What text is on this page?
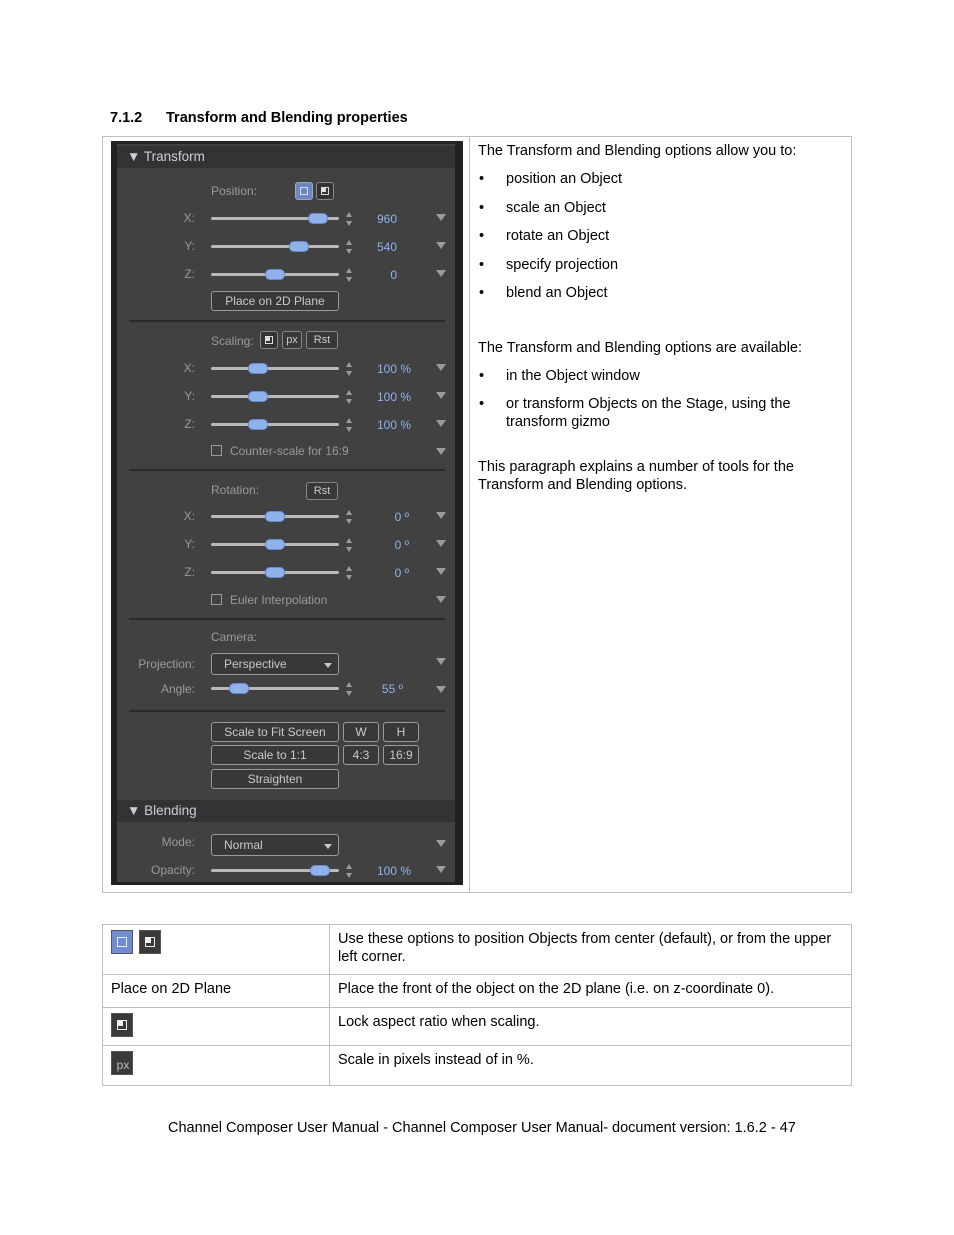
7.1.2 Transform and Blending properties
▼ Transform
Position:
X:	960
Y:	540
Z:	0
Place on 2D Plane
Scaling:	px	Rst
X:	100 %
Y:	100 %
Z:	100 %
Counter-scale for 16:9
Rotation:	Rst
X:	0 º
Y:	0 º
Z:	0 º
Euler Interpolation
Camera:
Projection:	Perspective
Angle:	55 º
Scale to Fit Screen	W	H
Scale to 1:1	4:3	16:9
Straighten
▼ Blending
Mode:	Normal
Opacity:	100 %

The Transform and Blending options allow you to:

• position an Object
• scale an Object
• rotate an Object
• specify projection
• blend an Object

The Transform and Blending options are available:

• in the Object window
• or transform Objects on the Stage, using the transform gizmo

This paragraph explains a number of tools for the Transform and Blending options.

	Use these options to position Objects from center (default), or from the upper left corner.
Place on 2D Plane	Place the front of the object on the 2D plane (i.e. on z-coordinate 0).

	Lock aspect ratio when scaling.

px	Scale in pixels instead of in %.
Channel Composer User Manual - Channel Composer User Manual- document version: 1.6.2 - 47
